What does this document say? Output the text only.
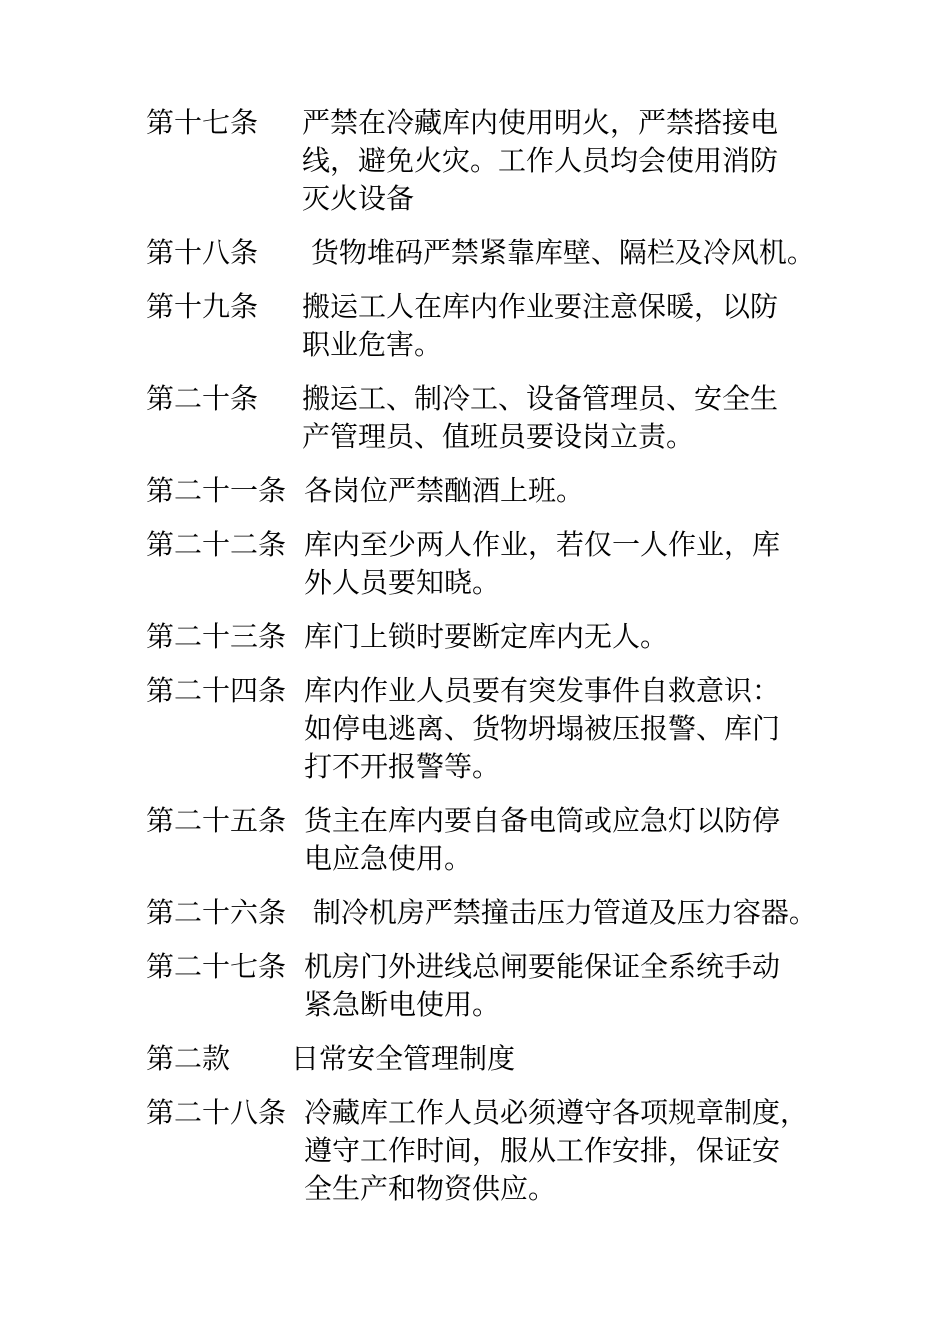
第十七条	严禁在冷藏库内使用明火，严禁搭接电
线，避免火灾。工作人员均会使用消防
灭火设备
第十八条	货物堆码严禁紧靠库壁、隔栏及冷风机。
第十九条	搬运工人在库内作业要注意保暖，以防
职业危害。
第二十条	搬运工、制冷工、设备管理员、安全生
产管理员、值班员要设岗立责。
第二十一条 各岗位严禁酗酒上班。
第二十二条 库内至少两人作业，若仅一人作业，库
外人员要知晓。
第二十三条 库门上锁时要断定库内无人。
第二十四条 库内作业人员要有突发事件自救意识：
如停电逃离、货物坍塌被压报警、库门
打不开报警等。
第二十五条 货主在库内要自备电筒或应急灯以防停
电应急使用。
第二十六条 制冷机房严禁撞击压力管道及压力容器。
第二十七条 机房门外进线总闸要能保证全系统手动
紧急断电使用。
第二款	日常安全管理制度
第二十八条 冷藏库工作人员必须遵守各项规章制度，
遵守工作时间，服从工作安排，保证安
全生产和物资供应。
